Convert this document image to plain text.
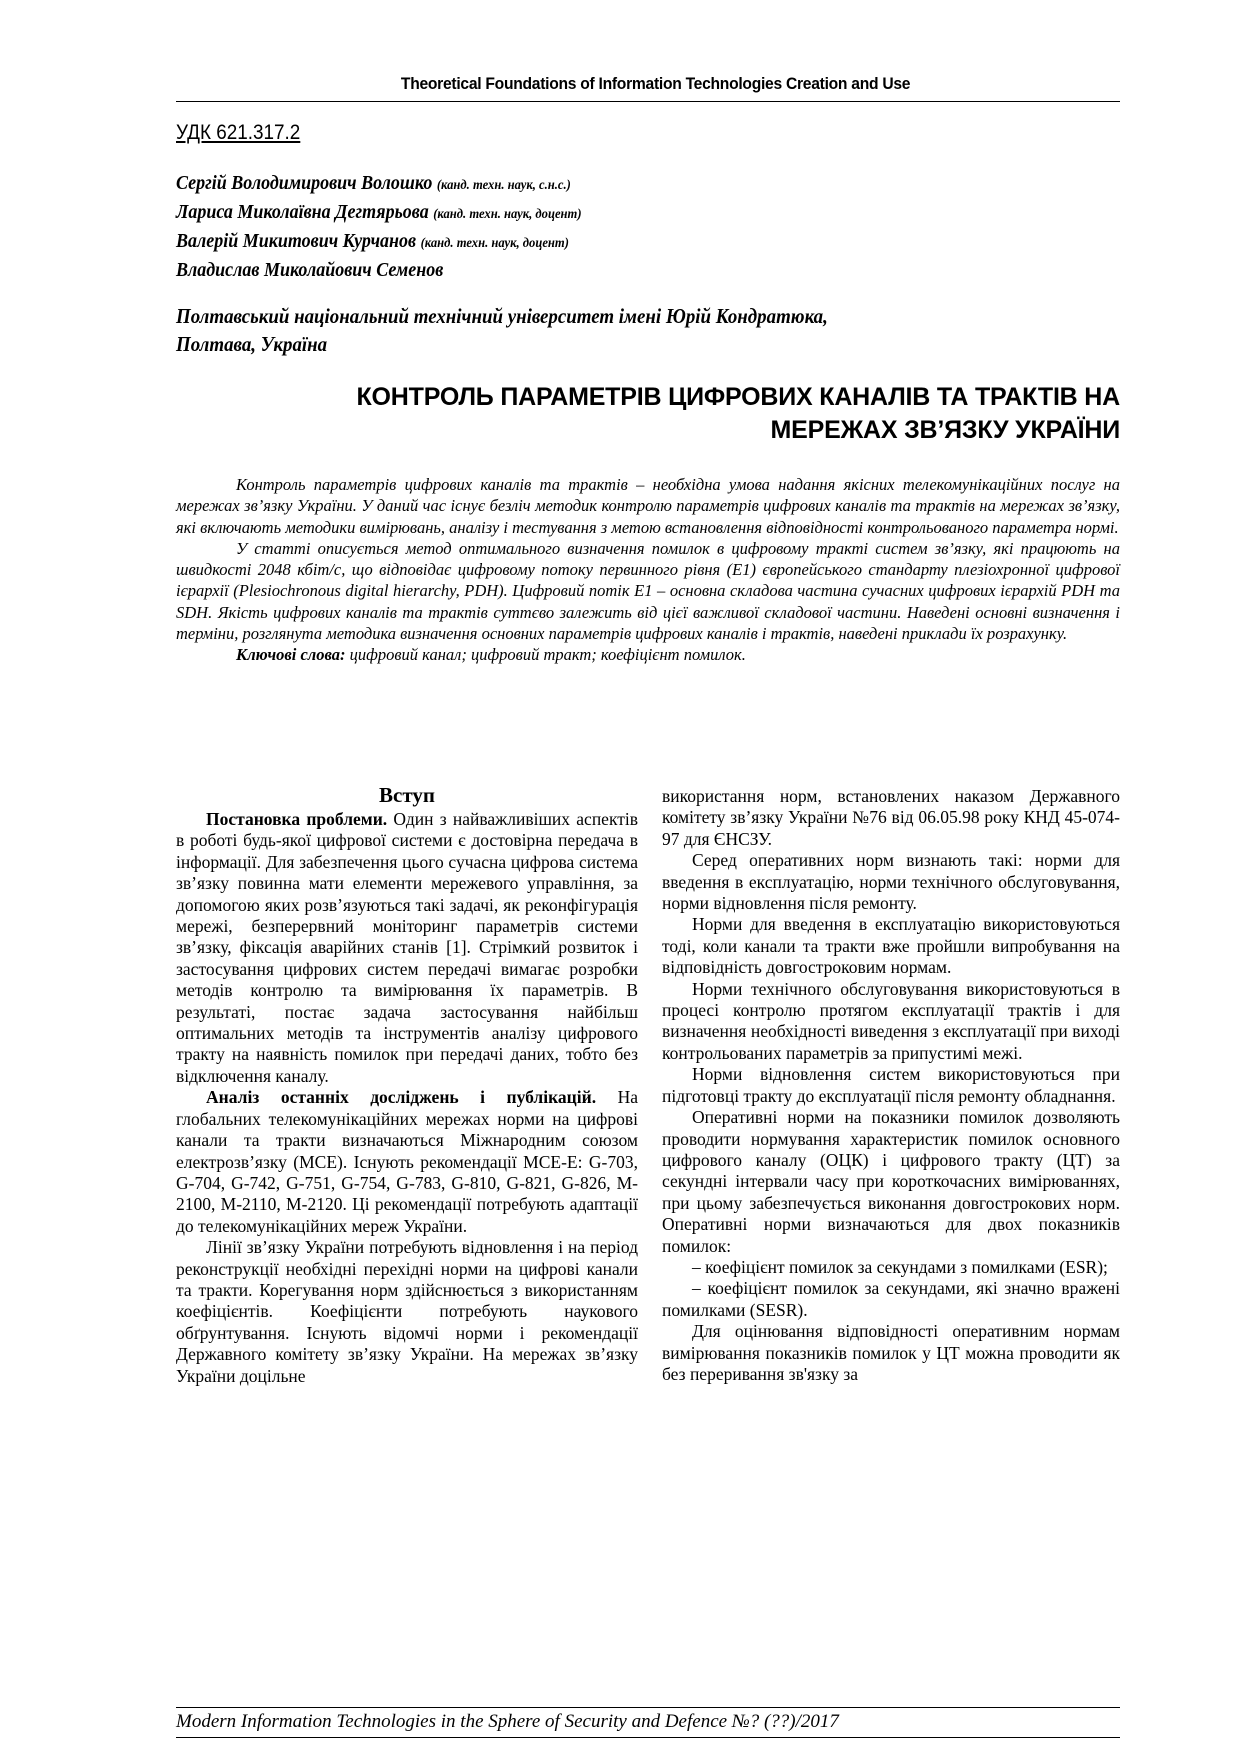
Theoretical Foundations of Information Technologies Creation and Use
УДК 621.317.2
Сергій Володимирович Волошко (канд. техн. наук, с.н.с.)
Лариса Миколаївна Дегтярьова (канд. техн. наук, доцент)
Валерій Микитович Курчанов (канд. техн. наук, доцент)
Владислав Миколайович Семенов
Полтавський національний технічний університет імені Юрій Кондратюка,
Полтава, Україна
КОНТРОЛЬ ПАРАМЕТРІВ ЦИФРОВИХ КАНАЛІВ ТА ТРАКТІВ НА
МЕРЕЖАХ ЗВ’ЯЗКУ УКРАЇНИ

Контроль параметрів цифрових каналів та трактів – необхідна умова надання якісних телекомунікаційних послуг на мережах зв’язку України. У даний час існує безліч методик контролю параметрів цифрових каналів та трактів на мережах зв’язку, які включають методики вимірювань, аналізу і тестування з метою встановлення відповідності контрольованого параметра нормі.

У статті описується метод оптимального визначення помилок в цифровому тракті систем зв’язку, які працюють на швидкості 2048 кбіт/с, що відповідає цифровому потоку первинного рівня (E1) європейського стандарту плезіохронної цифрової ієрархії (Plesiochronous digital hierarchy, PDH). Цифровий потік E1 – основна складова частина сучасних цифрових ієрархій PDH та SDH. Якість цифрових каналів та трактів суттєво залежить від цієї важливої складової частини. Наведені основні визначення і терміни, розглянута методика визначення основних параметрів цифрових каналів і трактів, наведені приклади їх розрахунку.

Ключові слова: цифровий канал; цифровий тракт; коефіцієнт помилок.

Вступ

Постановка проблеми. Один з найважливіших аспектів в роботі будь-якої цифрової системи є достовірна передача в інформації. Для забезпечення цього сучасна цифрова система зв’язку повинна мати елементи мережевого управління, за допомогою яких розв’язуються такі задачі, як реконфігурація мережі, безперервний моніторинг параметрів системи зв’язку, фіксація аварійних станів [1]. Стрімкий розвиток і застосування цифрових систем передачі вимагає розробки методів контролю та вимірювання їх параметрів. В результаті, постає задача застосування найбільш оптимальних методів та інструментів аналізу цифрового тракту на наявність помилок при передачі даних, тобто без відключення каналу.

Аналіз останніх досліджень і публікацій. На глобальних телекомунікаційних мережах норми на цифрові канали та тракти визначаються Міжнародним союзом електрозв’язку (МСЕ). Існують рекомендації МСЕ-Е: G-703, G-704, G-742, G-751, G-754, G-783, G-810, G-821, G-826, M-2100, M-2110, M-2120. Ці рекомендації потребують адаптації до телекомунікаційних мереж України.

Лінії зв’язку України потребують відновлення і на період реконструкції необхідні перехідні норми на цифрові канали та тракти. Корегування норм здійснюється з використанням коефіцієнтів. Коефіцієнти потребують наукового обґрунтування. Існують відомчі норми і рекомендації Державного комітету зв’язку України. На мережах зв’язку України доцільне

використання норм, встановлених наказом Державного комітету зв’язку України №76 від 06.05.98 року КНД 45-074-97 для ЄНСЗУ.

Серед оперативних норм визнають такі: норми для введення в експлуатацію, норми технічного обслуговування, норми відновлення після ремонту.

Норми для введення в експлуатацію використовуються тоді, коли канали та тракти вже пройшли випробування на відповідність довгостроковим нормам.

Норми технічного обслуговування використовуються в процесі контролю протягом експлуатації трактів і для визначення необхідності виведення з експлуатації при виході контрольованих параметрів за припустимі межі.

Норми відновлення систем використовуються при підготовці тракту до експлуатації після ремонту обладнання.

Оперативні норми на показники помилок дозволяють проводити нормування характеристик помилок основного цифрового каналу (ОЦК) і цифрового тракту (ЦТ) за секундні інтервали часу при короткочасних вимірюваннях, при цьому забезпечується виконання довгострокових норм. Оперативні норми визначаються для двох показників помилок:

– коефіцієнт помилок за секундами з помилками (ESR);

– коефіцієнт помилок за секундами, які значно вражені помилками (SESR).

Для оцінювання відповідності оперативним нормам вимірювання показників помилок у ЦТ можна проводити як без переривання зв'язку за

Modern Information Technologies in the Sphere of Security and Defence №? (??)/2017
